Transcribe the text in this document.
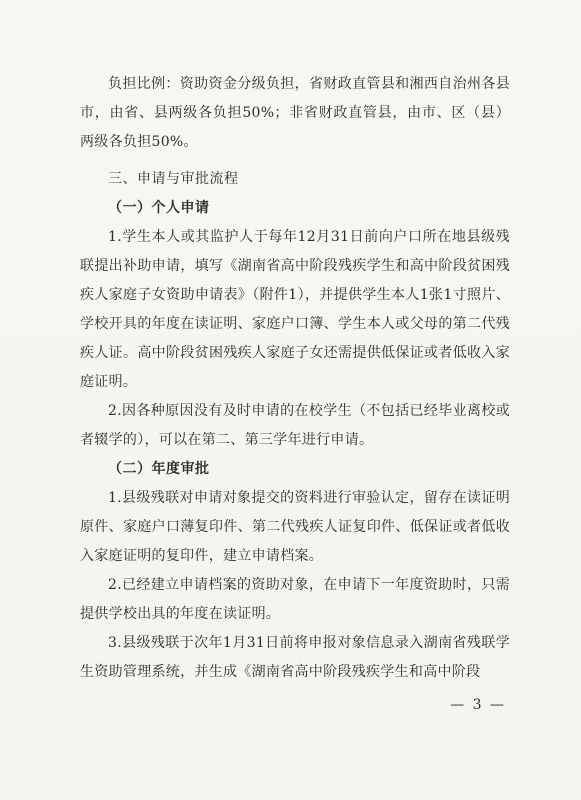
负担比例：资助资金分级负担，省财政直管县和湘西自治州各县市，由省、县两级各负担50%；非省财政直管县，由市、区（县）两级各负担50%。

三、申请与审批流程

（一）个人申请

1.学生本人或其监护人于每年12月31日前向户口所在地县级残联提出补助申请，填写《湖南省高中阶段残疾学生和高中阶段贫困残疾人家庭子女资助申请表》（附件1），并提供学生本人1张1寸照片、学校开具的年度在读证明、家庭户口簿、学生本人或父母的第二代残疾人证。高中阶段贫困残疾人家庭子女还需提供低保证或者低收入家庭证明。

2.因各种原因没有及时申请的在校学生（不包括已经毕业离校或者辍学的），可以在第二、第三学年进行申请。

（二）年度审批

1.县级残联对申请对象提交的资料进行审验认定，留存在读证明原件、家庭户口薄复印件、第二代残疾人证复印件、低保证或者低收入家庭证明的复印件，建立申请档案。

2.已经建立申请档案的资助对象，在申请下一年度资助时，只需提供学校出具的年度在读证明。

3.县级残联于次年1月31日前将申报对象信息录入湖南省残联学生资助管理系统，并生成《湖南省高中阶段残疾学生和高中阶段

— 3 —
